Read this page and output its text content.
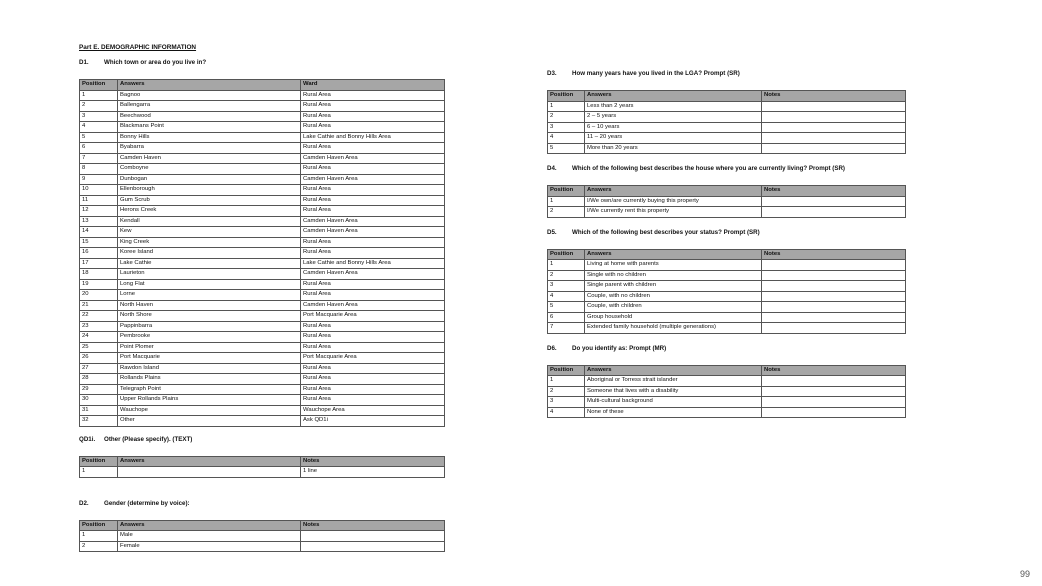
Part E. DEMOGRAPHIC INFORMATION
D1.	Which town or area do you live in?
Position	Answers	Ward
1	Bagnoo	Rural Area
2	Ballengarra	Rural Area
3	Beechwood	Rural Area
4	Blackmans Point	Rural Area
5	Bonny Hills	Lake Cathie and Bonny Hills Area
6	Byabarra	Rural Area
7	Camden Haven	Camden Haven Area
8	Comboyne	Rural Area
9	Dunbogan	Camden Haven Area
10	Ellenborough	Rural Area
11	Gum Scrub	Rural Area
12	Herons Creek	Rural Area
13	Kendall	Camden Haven Area
14	Kew	Camden Haven Area
15	King Creek	Rural Area
16	Koree Island	Rural Area
17	Lake Cathie	Lake Cathie and Bonny Hills Area
18	Laurieton	Camden Haven Area
19	Long Flat	Rural Area
20	Lorne	Rural Area
21	North Haven	Camden Haven Area
22	North Shore	Port Macquarie Area
23	Pappinbarra	Rural Area
24	Pembrooke	Rural Area
25	Point Plomer	Rural Area
26	Port Macquarie	Port Macquarie Area
27	Rawdon Island	Rural Area
28	Rollands Plains	Rural Area
29	Telegraph Point	Rural Area
30	Upper Rollands Plains	Rural Area
31	Wauchope	Wauchope Area
32	Other	Ask QD1i
QD1i.	Other (Please specify). (TEXT)
Position	Answers	Notes
1		1 line
D2.	Gender (determine by voice):
Position	Answers	Notes
1	Male	
2	Female	
D3.	How many years have you lived in the LGA? Prompt (SR)
Position	Answers	Notes
1	Less than 2 years	
2	2 – 5 years	
3	6 – 10 years	
4	11 – 20 years	
5	More than 20 years	
D4.	Which of the following best describes the house where you are currently living? Prompt (SR)
Position	Answers	Notes
1	I/We own/are currently buying this property	
2	I/We currently rent this property	
D5.	Which of the following best describes your status? Prompt (SR)
Position	Answers	Notes
1	Living at home with parents	
2	Single with no children	
3	Single parent with children	
4	Couple, with no children	
5	Couple, with children	
6	Group household	
7	Extended family household (multiple generations)	
D6.	Do you identify as: Prompt (MR)
Position	Answers	Notes
1	Aboriginal or Torress strait islander	
2	Someone that lives with a disability	
3	Multi-cultural background	
4	None of these	
99
